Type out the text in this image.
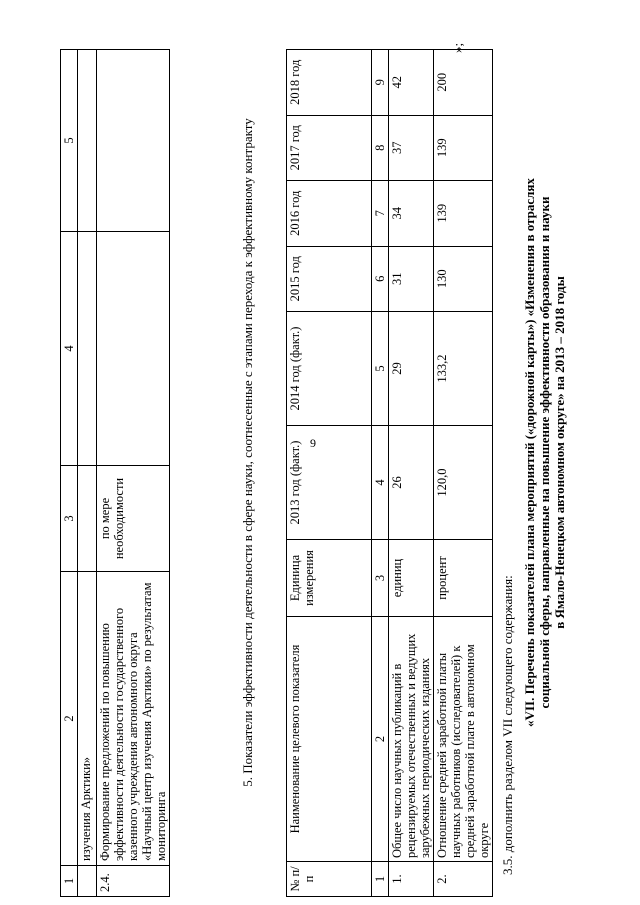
9
1	2	3	4	5
	изучения Арктики»			
2.4.	Формирование предложений по повышению эффективности деятельности государственного казенного учреждения автономного округа «Научный центр изучения Арктики» по результатам мониторинга	по мере необходимости			5. Показатели эффективности деятельности в сфере науки, соотнесенные с этапами перехода к эффективному контракту
№ п/п	Наименование целевого показателя	Единица измерения	2013 год (факт.)	2014 год (факт.)	2015 год	2016 год	2017 год	2018 год
1	2	3	4	5	6	7	8	9
1.	Общее число научных публикаций в рецензируемых отечественных и ведущих зарубежных периодических изданиях	единиц	26	29	31	34	37	42
2.	Отношение средней заработной платы научных работников (исследователей) к средней заработной плате в автономном округе	процент	120,0	133,2	130	139	139	200
»;
3.5. дополнить разделом VII следующего содержания: «VII. Перечень показателей плана мероприятий («дорожной карты») «Изменения в отраслях социальной сферы, направленные на повышение эффективности образования и науки в Ямало-Ненецком автономном округе» на 2013 – 2018 годы
